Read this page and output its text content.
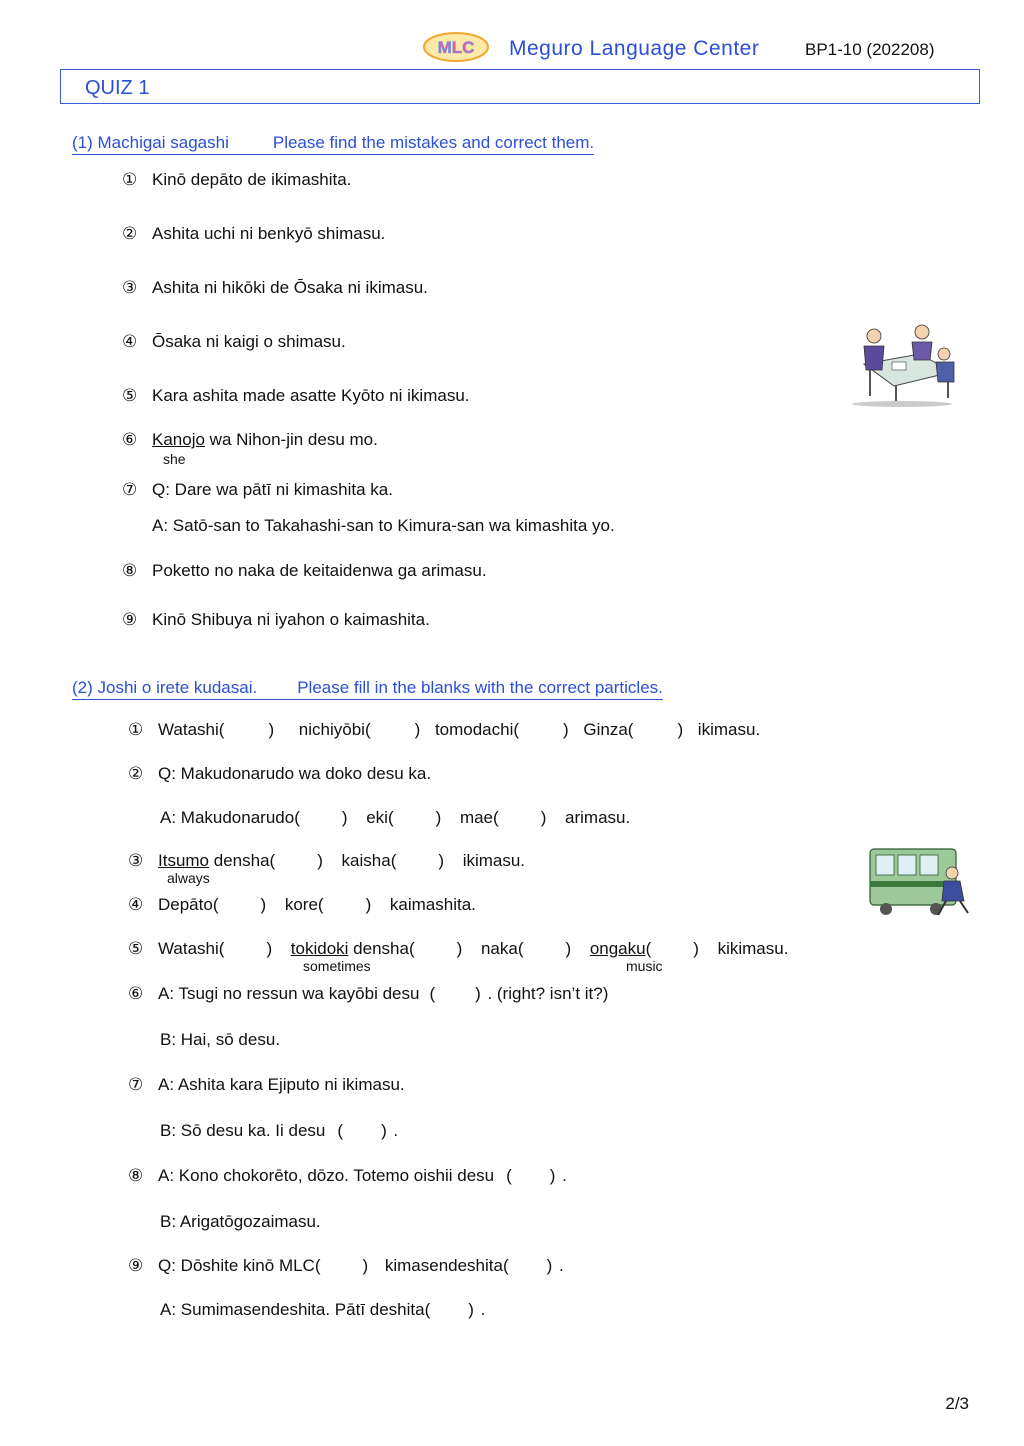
MLC Meguro Language Center	BP1-10 (202208)
QUIZ 1
(1) Machigai sagashi	Please find the mistakes and correct them.
① Kinō depāto de ikimashita.
② Ashita uchi ni benkyō shimasu.
③ Ashita ni hikōki de Ōsaka ni ikimasu.
④ Ōsaka ni kaigi o shimasu.
⑤ Kara ashita made asatte Kyōto ni ikimasu.
⑥ Kanojo wa Nihon-jin desu mo.
she
⑦ Q: Dare wa pātī ni kimashita ka.
A: Satō-san to Takahashi-san to Kimura-san wa kimashita yo.
⑧ Poketto no naka de keitaidenwa ga arimasu.
⑨ Kinō Shibuya ni iyahon o kaimashita.
(2) Joshi o irete kudasai. Please fill in the blanks with the correct particles.
① Watashi(	) nichiyōbi(	) tomodachi(	) Ginza(	) ikimasu.
② Q: Makudonarudo wa doko desu ka.
A: Makudonarudo( ) eki( ) mae( ) arimasu.
③ Itsumo densha( ) kaisha( ) ikimasu.
always
④ Depāto( ) kore( ) kaimashita.
⑤ Watashi( ) tokidoki densha( ) naka( ) ongaku( ) kikimasu.
sometimes	music
⑥ A: Tsugi no ressun wa kayōbi desu ( ) . (right? isn’t it?)
B: Hai, sō desu.
⑦ A: Ashita kara Ejiputo ni ikimasu.
B: Sō desu ka. Ii desu ( ) .
⑧ A: Kono chokorēto, dōzo. Totemo oishii desu ( ) .
B: Arigatōgozaimasu.
⑨ Q: Dōshite kinō MLC( ) kimasendeshita( ) .
A: Sumimasendeshita. Pātī deshita( ) .
2/3
